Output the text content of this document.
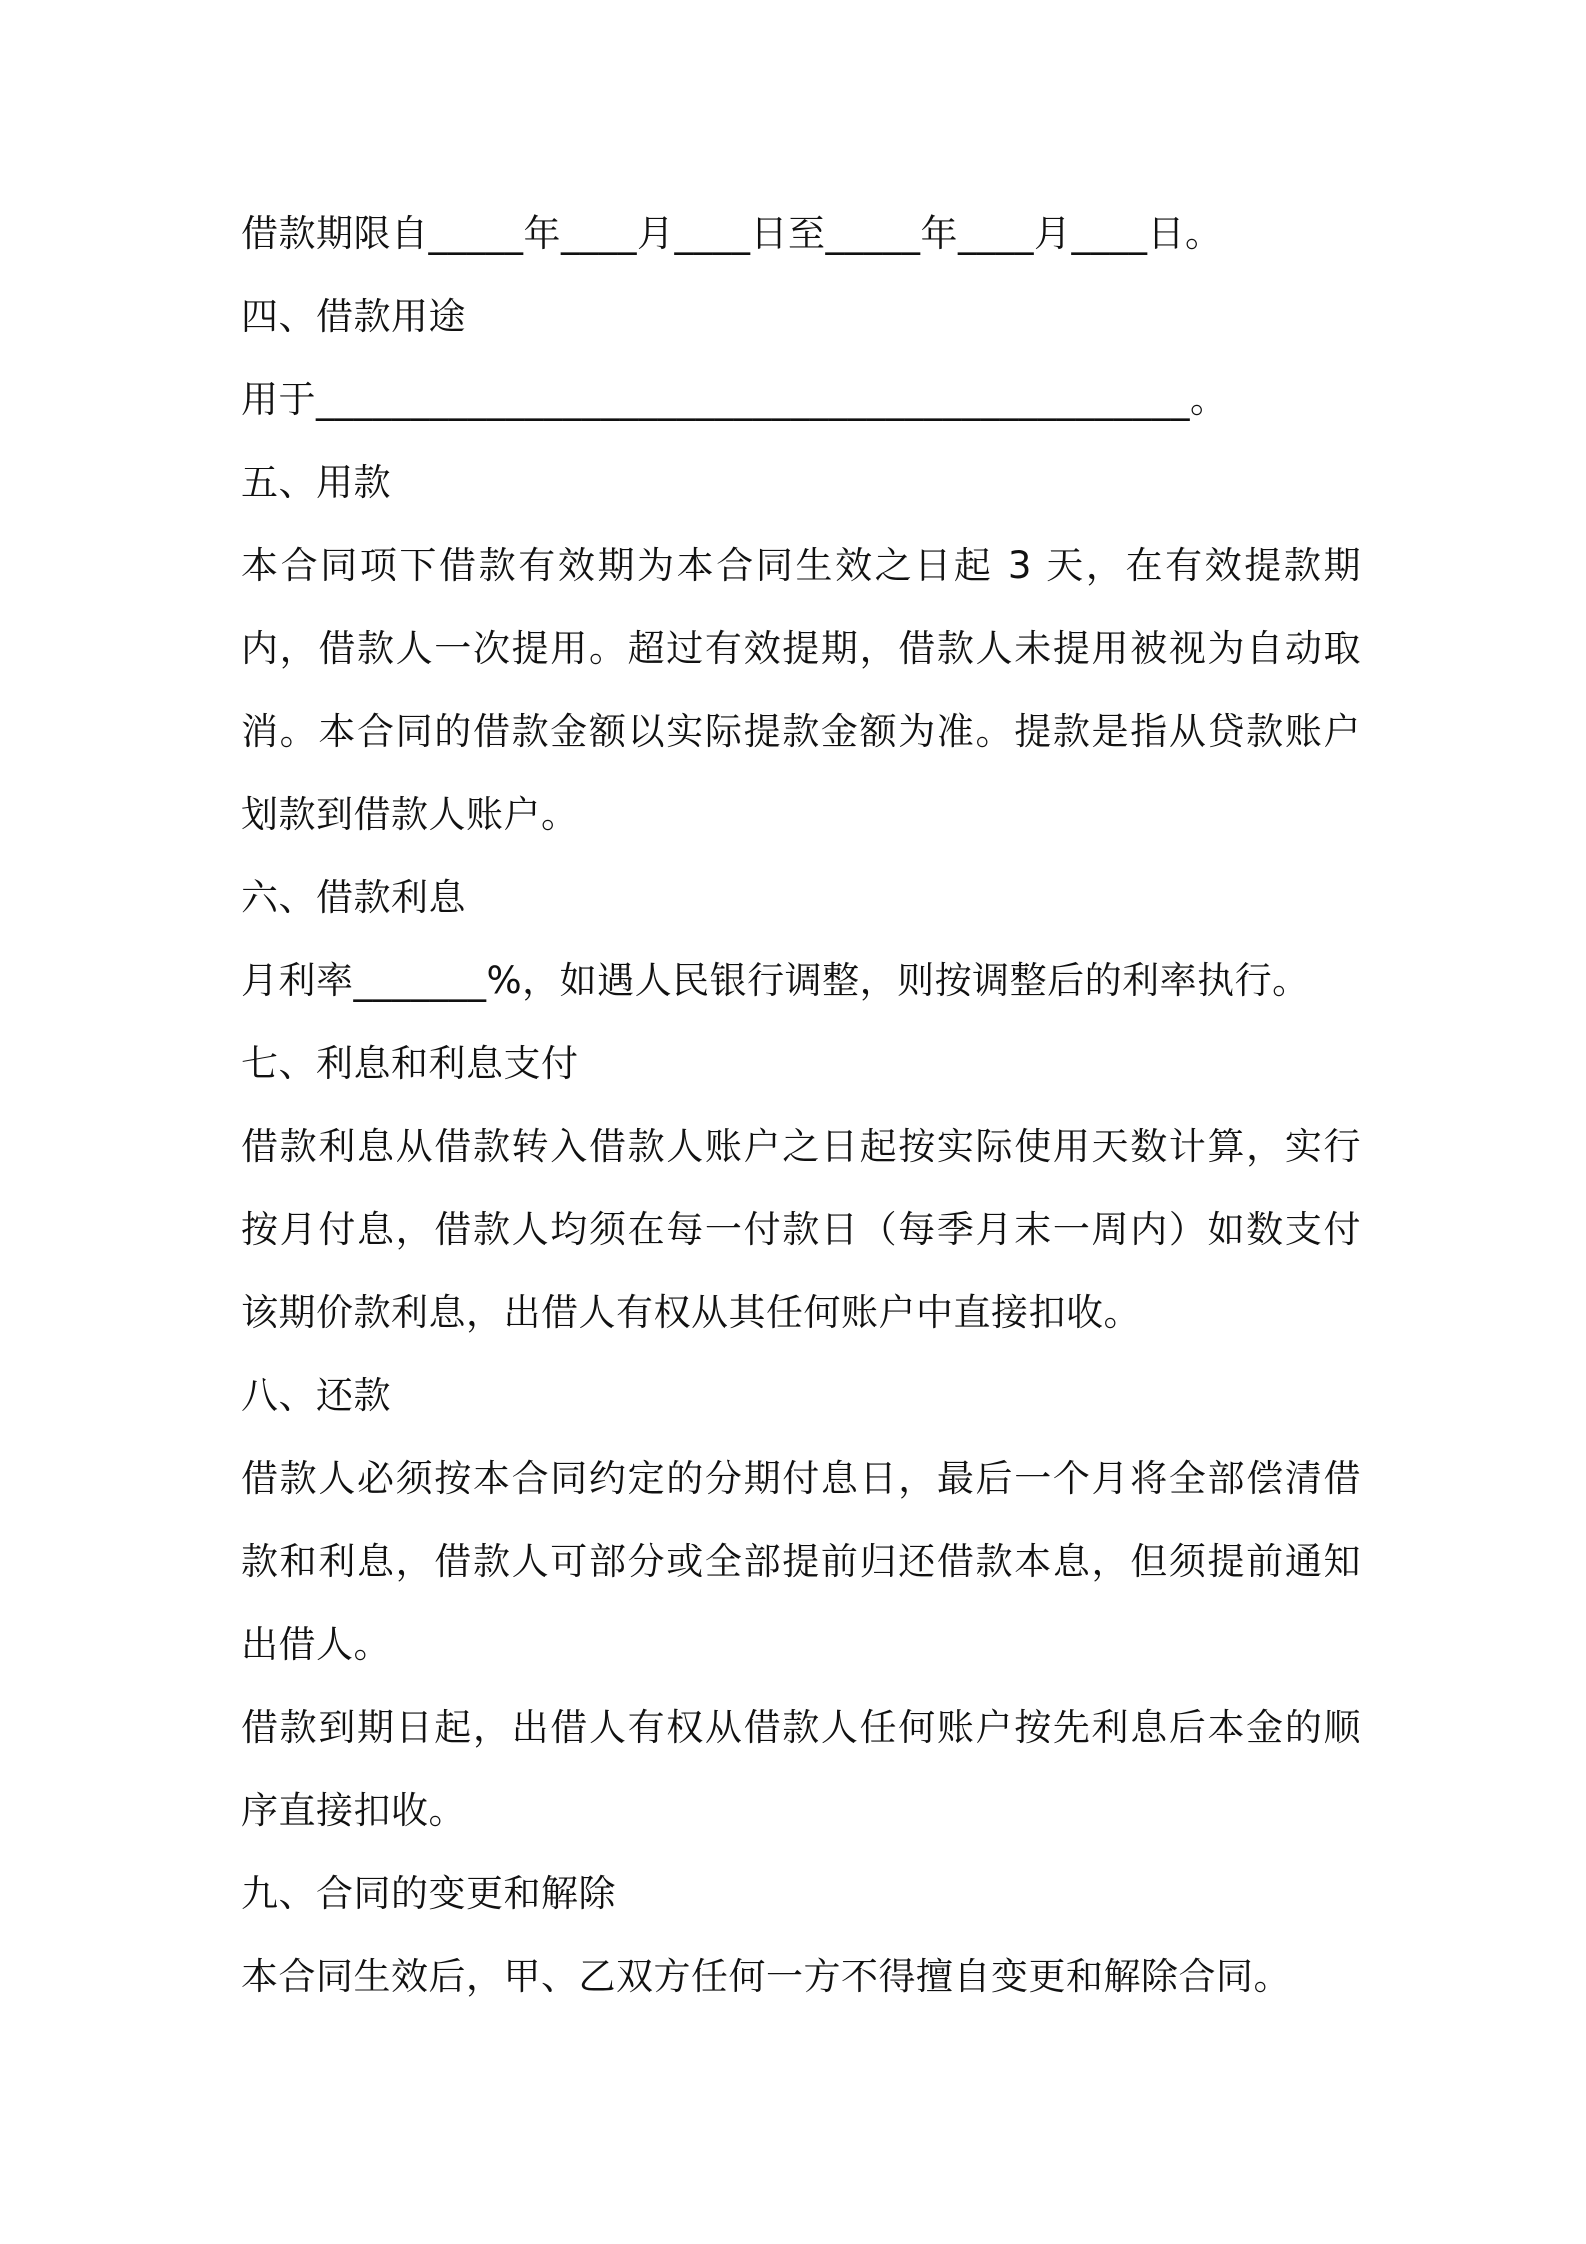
借款期限自_____年____月____日至_____年____月____日。
四、借款用途
用于______________________________________________。
五、用款
本合同项下借款有效期为本合同生效之日起 3 天，在有效提款期内，借款人一次提用。超过有效提期，借款人未提用被视为自动取消。本合同的借款金额以实际提款金额为准。提款是指从贷款账户划款到借款人账户。
六、借款利息
月利率_______%，如遇人民银行调整，则按调整后的利率执行。
七、利息和利息支付
借款利息从借款转入借款人账户之日起按实际使用天数计算，实行按月付息，借款人均须在每一付款日（每季月末一周内）如数支付该期价款利息，出借人有权从其任何账户中直接扣收。
八、还款
借款人必须按本合同约定的分期付息日，最后一个月将全部偿清借款和利息，借款人可部分或全部提前归还借款本息，但须提前通知出借人。
借款到期日起，出借人有权从借款人任何账户按先利息后本金的顺序直接扣收。
九、合同的变更和解除
本合同生效后，甲、乙双方任何一方不得擅自变更和解除合同。
